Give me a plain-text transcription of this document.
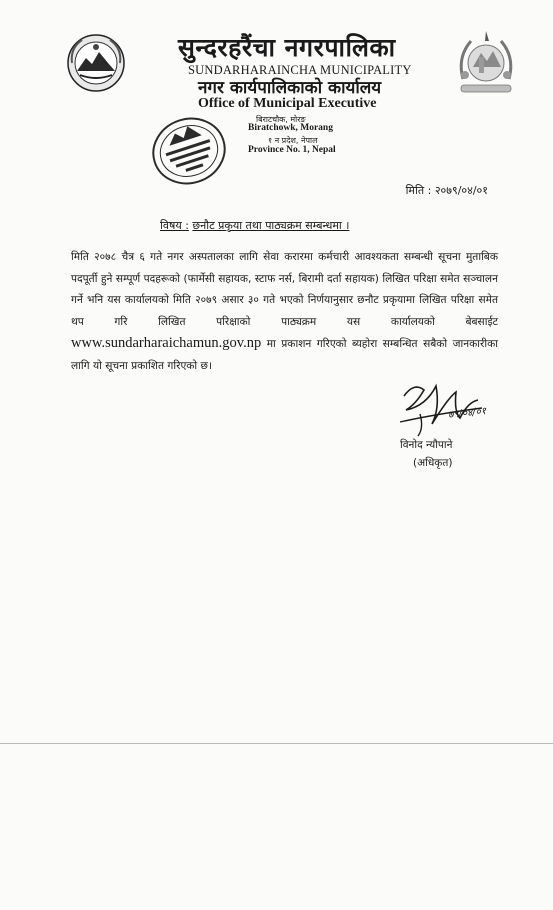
सुन्दरहरैंचा नगरपालिका
SUNDARHARAINCHA MUNICIPALITY
नगर कार्यपालिकाको कार्यालय
Office of Municipal Executive
बिराटचौक, मोरङ
Biratchowk, Morang
१ न प्रदेश, नेपाल
Province No. 1, Nepal
मिति : २०७९/०४/०१
विषय : छनौट प्रकृया तथा पाठ्यक्रम सम्बन्धमा ।
मिति २०७८ चैत्र ६ गते नगर अस्पतालका लागि सेवा करारमा कर्मचारी आवश्यकता सम्बन्धी सूचना मुताबिक पदपूर्ती हुने सम्पूर्ण पदहरूको (फार्मेसी सहायक, स्टाफ नर्स, बिरामी दर्ता सहायक) लिखित परिक्षा समेत सञ्चालन गर्ने भनि यस कार्यालयको मिति २०७९ असार ३० गते भएको निर्णयानुसार छनौट प्रकृयामा लिखित परिक्षा समेत थप गरि लिखित परिक्षाको पाठ्यक्रम यस कार्यालयको बेबसाईट www.sundarharaichamun.gov.np मा प्रकाशन गरिएको ब्यहोरा सम्बन्धित सबैको जानकारीका लागि यो सूचना प्रकाशित गरिएको छ।
७९/०४/०१
विनोद न्यौपाने
(अधिकृत)
